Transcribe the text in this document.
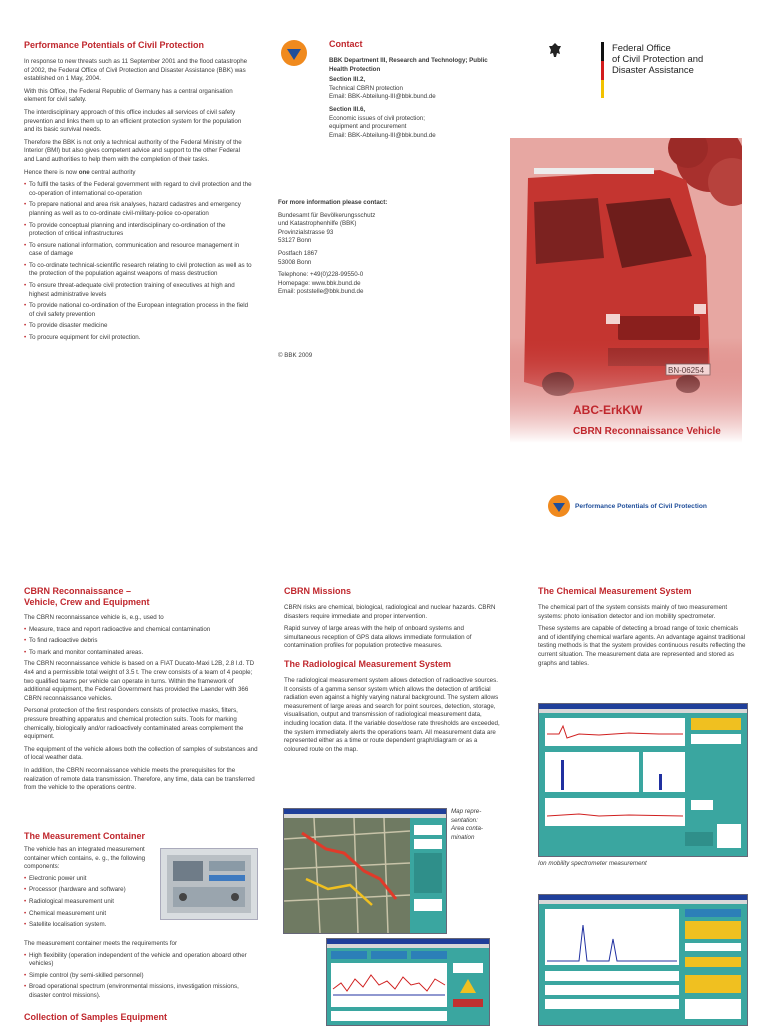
Performance Potentials of Civil Protection

In response to new threats such as 11 September 2001 and the flood catastrophe of 2002, the Federal Office of Civil Protection and Disaster Assistance (BBK) was established on 1 May, 2004.

With this Office, the Federal Republic of Germany has a central organisation element for civil safety.

The interdisciplinary approach of this office includes all services of civil safety prevention and links them up to an efficient protection system for the population and its basic survival needs.

Therefore the BBK is not only a technical authority of the Federal Ministry of the Interior (BMI) but also gives competent advice and support to the other Federal and Land authorities to help them with the completion of their tasks.

Hence there is now one central authority

• To fulfil the tasks of the Federal government with regard to civil protection and the co-operation of international co-operation
• To prepare national and area risk analyses, hazard cadastres and emergency planning as well as to co-ordinate civil-military-police co-operation
• To provide conceptual planning and interdisciplinary co-ordination of the protection of critical infrastructures
• To ensure national information, communication and resource management in case of damage
• To co-ordinate technical-scientific research relating to civil protection as well as to the protection of the population against weapons of mass destruction
• To ensure threat-adequate civil protection training of executives at high and highest administrative levels
• To provide national co-ordination of the European integration process in the field of civil safety prevention
• To provide disaster medicine
• To procure equipment for civil protection.
Contact

BBK Department III, Research and Technology; Public Health Protection

Section III.2,
Technical CBRN protection
Email: BBK-Abteilung-III@bbk.bund.de
Section III.6,
Economic issues of civil protection;
equipment and procurement
Email: BBK-Abteilung-III@bbk.bund.de
For more information please contact:
Bundesamt für Bevölkerungsschutz
und Katastrophenhilfe (BBK)
Provinzialstrasse 93
53127 Bonn
Postfach 1867
53008 Bonn
Telephone: +49(0)228-99550-0
Homepage: www.bbk.bund.de
Email: poststelle@bbk.bund.de
© BBK 2009
Federal Office
of Civil Protection and
Disaster Assistance
ABC-ErkKW
CBRN Reconnaissance Vehicle
Performance Potentials of Civil Protection
CBRN Reconnaissance –
Vehicle, Crew and Equipment

The CBRN reconnaissance vehicle is, e.g., used to

• Measure, trace and report radioactive and chemical contamination
• To find radioactive debris
• To mark and monitor contaminated areas.

The CBRN reconnaissance vehicle is based on a FIAT Ducato-Maxi L2B, 2.8 l.d. TD 4x4 and a permissible total weight of 3.5 t. The crew consists of a team of 4 people; two qualified teams per vehicle can operate in turns. Within the framework of additional equipment, the Federal Government has provided the Laender with 366 CBRN reconnaissance vehicles.

Personal protection of the first responders consists of protective masks, filters, pressure breathing apparatus and chemical protection suits. Tools for marking chemically, biologically and/or radioactively contaminated areas complement the equipment.

The equipment of the vehicle allows both the collection of samples of substances and of local weather data.

In addition, the CBRN reconnaissance vehicle meets the prerequisites for the realization of remote data transmission. Therefore, any time, data can be transferred from the vehicle to the operations centre.

The Measurement Container

The vehicle has an integrated measurement container which contains, e. g., the following components:

• Electronic power unit
• Processor (hardware and software)
• Radiological measurement unit
• Chemical measurement unit
• Satellite localisation system.

The measurement container meets the requirements for

• High flexibility (operation independent of the vehicle and operation aboard other vehicles)
• Simple control (by semi-skilled personnel)
• Broad operational spectrum (environmental missions, investigation missions, disaster control missions).
Collection of Samples Equipment
CBRN Missions

CBRN risks are chemical, biological, radiological and nuclear hazards. CBRN disasters require immediate and proper intervention.

Rapid survey of large areas with the help of onboard systems and simultaneous reception of GPS data allows immediate formulation of contamination profiles for population protective measures.

The Radiological Measurement System

The radiological measurement system allows detection of radioactive sources. It consists of a gamma sensor system which allows the detection of artificial radiation even against a highly varying natural background. The system allows measurement of large areas and search for point sources, detection, storage, visualisation, output and transmission of radiological measurement data, including location data. If the variable dose/dose rate thresholds are exceeded, the system immediately alerts the operations team. All measurement data are represented either as a time or route dependent graph/diagram or as a coloured route on the map.

Map repre-
sentation:
Area conta-
mination
The Chemical Measurement System

The chemical part of the system consists mainly of two measurement systems: photo ionisation detector and ion mobility spectrometer.

These systems are capable of detecting a broad range of toxic chemicals and of identifying chemical warfare agents. An advantage against traditional testing methods is that the system provides continuous results reflecting the current situation. The measurement data are represented and stored as graphs and tables.

Ion mobility spectrometer measurement
